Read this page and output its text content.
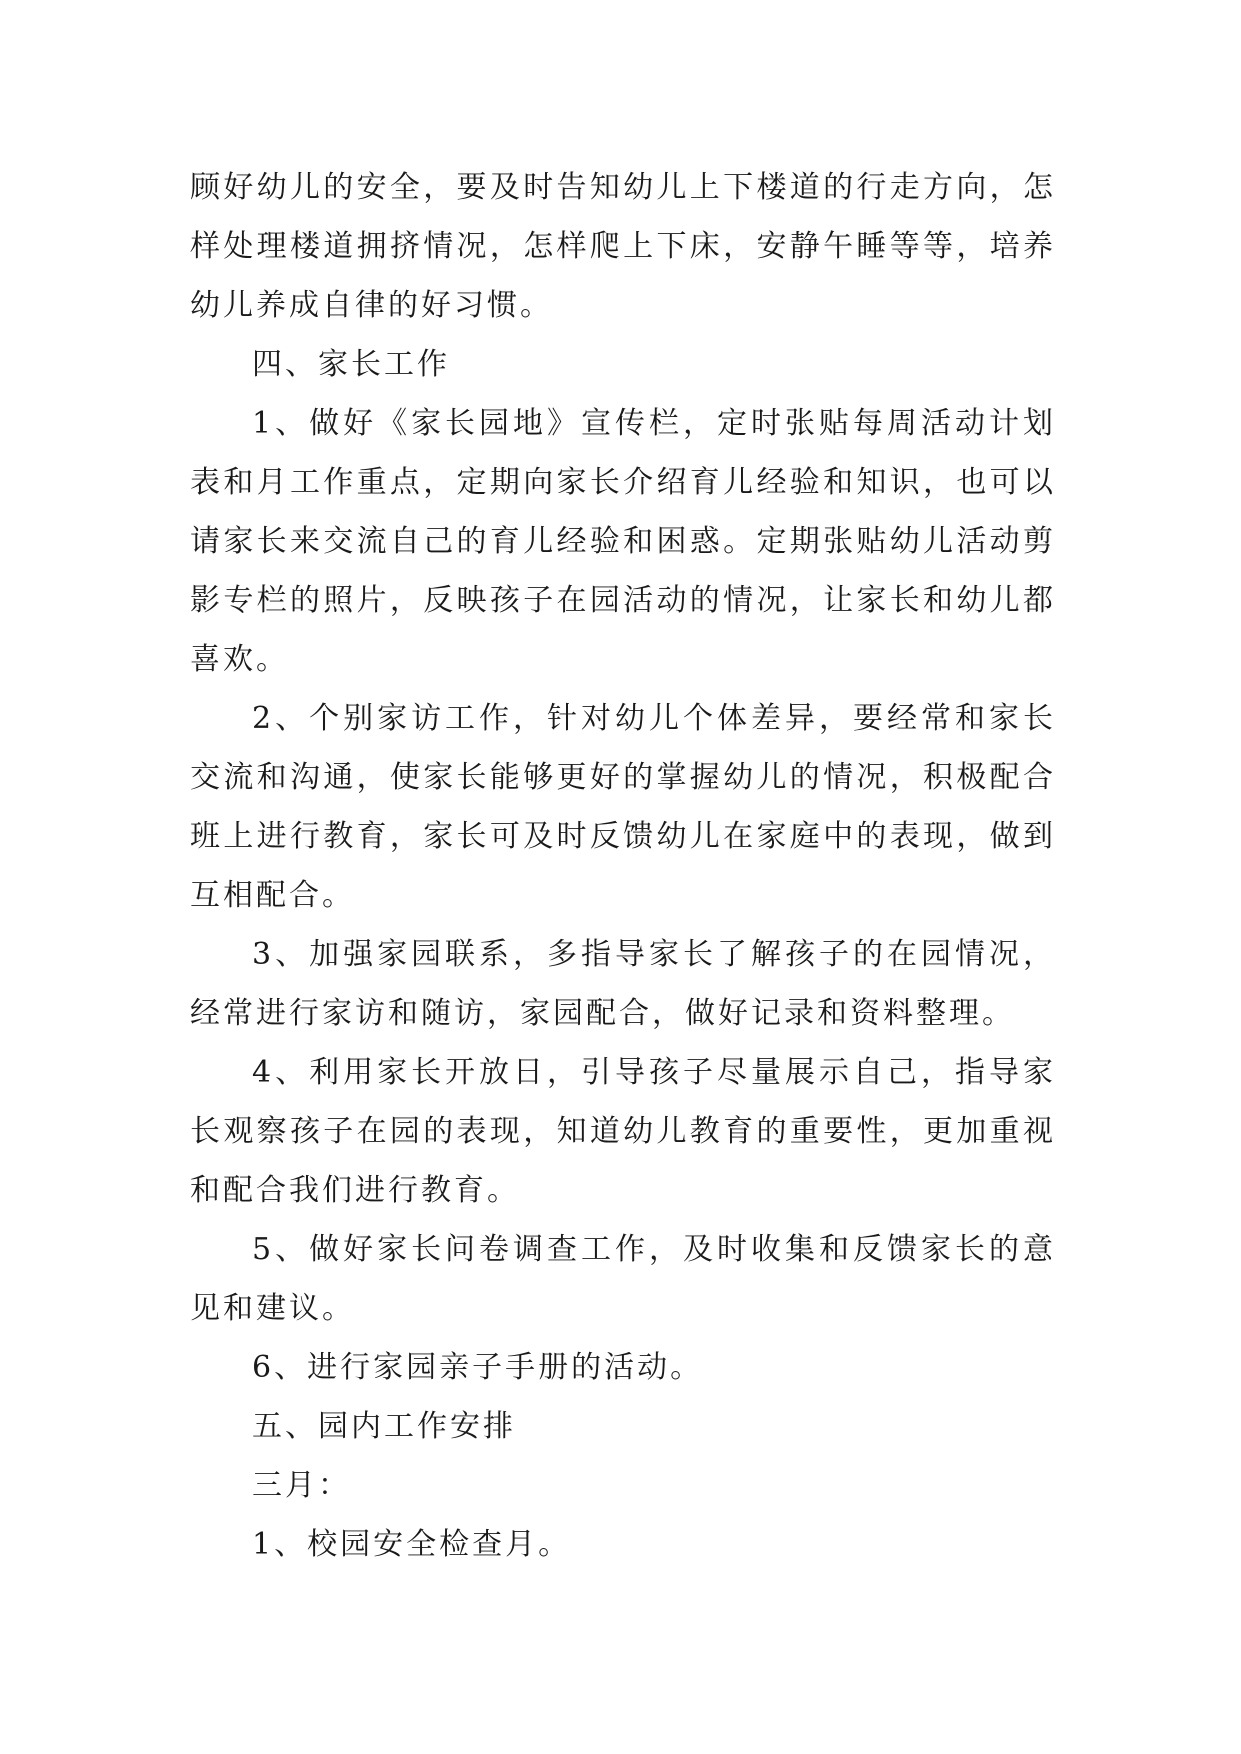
顾好幼儿的安全，要及时告知幼儿上下楼道的行走方向，怎样处理楼道拥挤情况，怎样爬上下床，安静午睡等等，培养幼儿养成自律的好习惯。

四、家长工作

1、做好《家长园地》宣传栏，定时张贴每周活动计划表和月工作重点，定期向家长介绍育儿经验和知识，也可以请家长来交流自己的育儿经验和困惑。定期张贴幼儿活动剪影专栏的照片，反映孩子在园活动的情况，让家长和幼儿都喜欢。

2、个别家访工作，针对幼儿个体差异，要经常和家长交流和沟通，使家长能够更好的掌握幼儿的情况，积极配合班上进行教育，家长可及时反馈幼儿在家庭中的表现，做到互相配合。

3、加强家园联系，多指导家长了解孩子的在园情况，经常进行家访和随访，家园配合，做好记录和资料整理。

4、利用家长开放日，引导孩子尽量展示自己，指导家长观察孩子在园的表现，知道幼儿教育的重要性，更加重视和配合我们进行教育。

5、做好家长问卷调查工作，及时收集和反馈家长的意见和建议。

6、进行家园亲子手册的活动。

五、园内工作安排

三月：

1、校园安全检查月。
